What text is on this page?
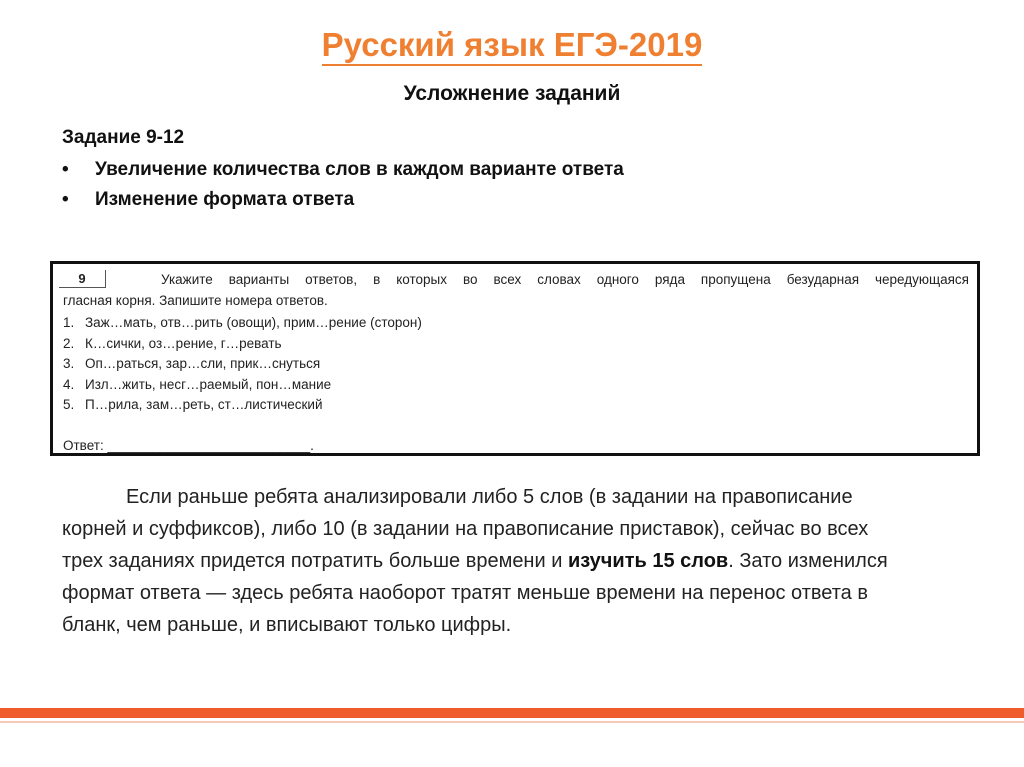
Русский язык ЕГЭ-2019
Усложнение заданий
Задание 9-12
• Увеличение количества слов в каждом варианте ответа
• Изменение формата ответа
9	Укажите варианты ответов, в которых во всех словах одного ряда пропущена безударная чередующаяся
гласная корня. Запишите номера ответов.
1. Заж…мать, отв…рить (овощи), прим…рение (сторон)
2. К…сички, оз…рение, г…ревать
3. Оп…раться, зар…сли, прик…снуться
4. Изл…жить, несг…раемый, пон…мание
5. П…рила, зам…реть, ст…листический
Ответ: ___________________________.
Если раньше ребята анализировали либо 5 слов (в задании на правописание
корней и суффиксов), либо 10 (в задании на правописание приставок), сейчас во всех
трех заданиях придется потратить больше времени и изучить 15 слов. Зато изменился
формат ответа — здесь ребята наоборот тратят меньше времени на перенос ответа в
бланк, чем раньше, и вписывают только цифры.
